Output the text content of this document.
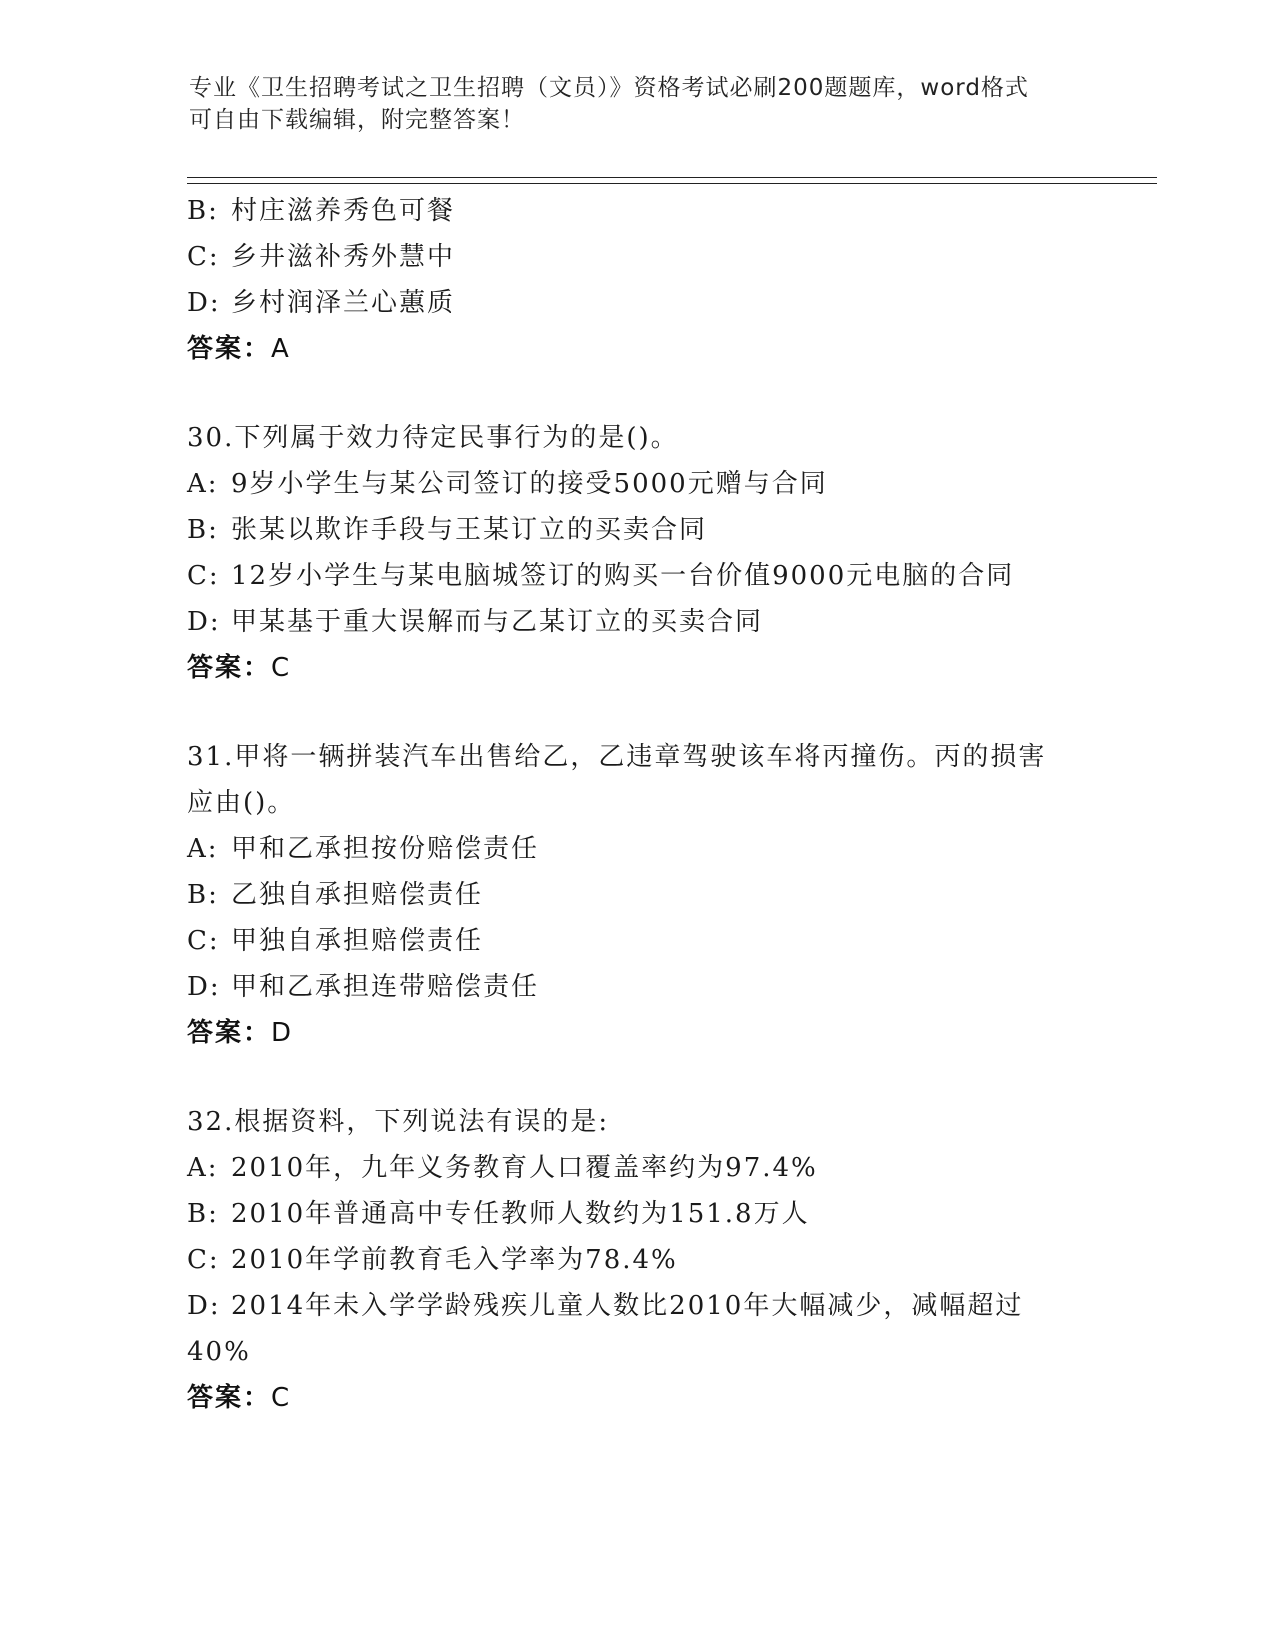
专业《卫生招聘考试之卫生招聘（文员）》资格考试必刷200题题库，word格式
可自由下载编辑，附完整答案！
B: 村庄滋养秀色可餐
C: 乡井滋补秀外慧中
D: 乡村润泽兰心蕙质
答案：A
30.下列属于效力待定民事行为的是()。
A: 9岁小学生与某公司签订的接受5000元赠与合同
B: 张某以欺诈手段与王某订立的买卖合同
C: 12岁小学生与某电脑城签订的购买一台价值9000元电脑的合同
D: 甲某基于重大误解而与乙某订立的买卖合同
答案：C
31.甲将一辆拼装汽车出售给乙，乙违章驾驶该车将丙撞伤。丙的损害
应由()。
A: 甲和乙承担按份赔偿责任
B: 乙独自承担赔偿责任
C: 甲独自承担赔偿责任
D: 甲和乙承担连带赔偿责任
答案：D
32.根据资料，下列说法有误的是:
A: 2010年，九年义务教育人口覆盖率约为97.4%
B: 2010年普通高中专任教师人数约为151.8万人
C: 2010年学前教育毛入学率为78.4%
D: 2014年未入学学龄残疾儿童人数比2010年大幅减少，减幅超过
40%
答案：C
